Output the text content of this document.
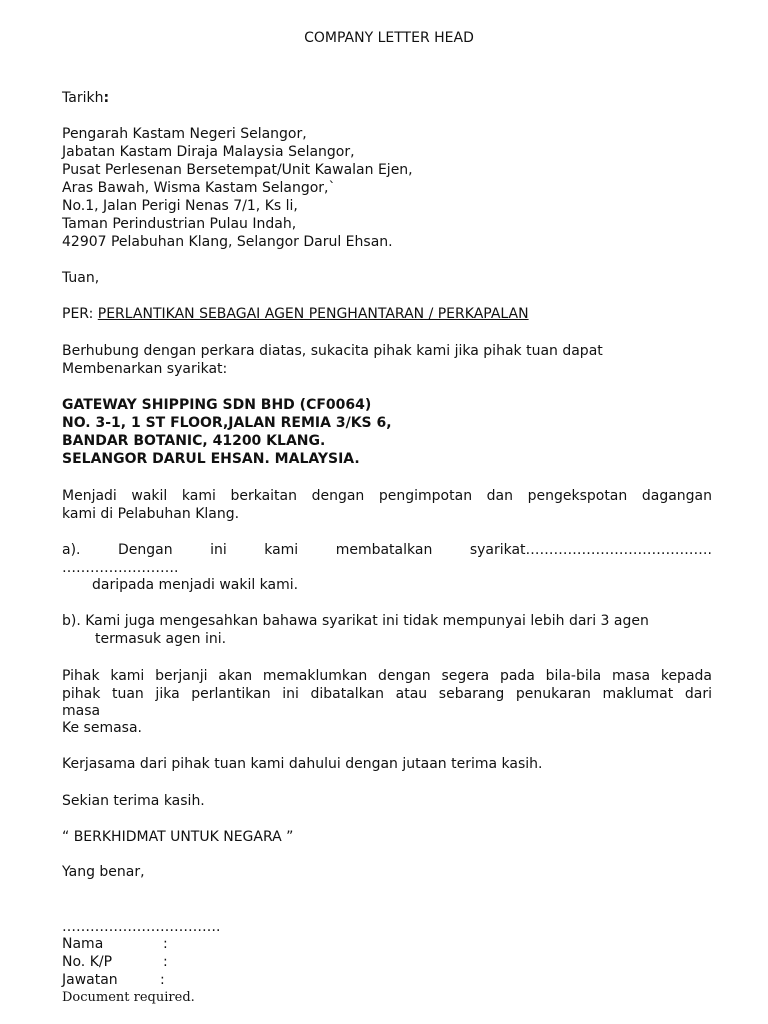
COMPANY LETTER HEAD
Tarikh:
Pengarah Kastam Negeri Selangor,
Jabatan Kastam Diraja Malaysia Selangor,
Pusat Perlesenan Bersetempat/Unit Kawalan Ejen,
Aras Bawah, Wisma Kastam Selangor,`
No.1, Jalan Perigi Nenas 7/1, Ks li,
Taman Perindustrian Pulau Indah,
42907 Pelabuhan Klang, Selangor Darul Ehsan.
Tuan,
PER: PERLANTIKAN SEBAGAI AGEN PENGHANTARAN / PERKAPALAN
Berhubung dengan perkara diatas, sukacita pihak kami jika pihak tuan dapat
Membenarkan syarikat:
GATEWAY SHIPPING SDN BHD (CF0064)
NO. 3-1, 1 ST FLOOR,JALAN REMIA 3/KS 6,
BANDAR BOTANIC, 41200 KLANG.
SELANGOR DARUL EHSAN. MALAYSIA.
Menjadi wakil kami berkaitan dengan pengimpotan dan pengekspotan dagangan
kami di Pelabuhan Klang.
a). Dengan ini kami membatalkan syarikat………………………………….
…………………….
daripada menjadi wakil kami.
b). Kami juga mengesahkan bahawa syarikat ini tidak mempunyai lebih dari 3 agen
termasuk agen ini.
Pihak kami berjanji akan memaklumkan dengan segera pada bila-bila masa kepada
pihak tuan jika perlantikan ini dibatalkan atau sebarang penukaran maklumat dari
masa
Ke semasa.
Kerjasama dari pihak tuan kami dahului dengan jutaan terima kasih.
Sekian terima kasih.
“ BERKHIDMAT UNTUK NEGARA ”
Yang benar,
…………………………….
Nama	:
No. K/P	:
Jawatan	:
Document required.
